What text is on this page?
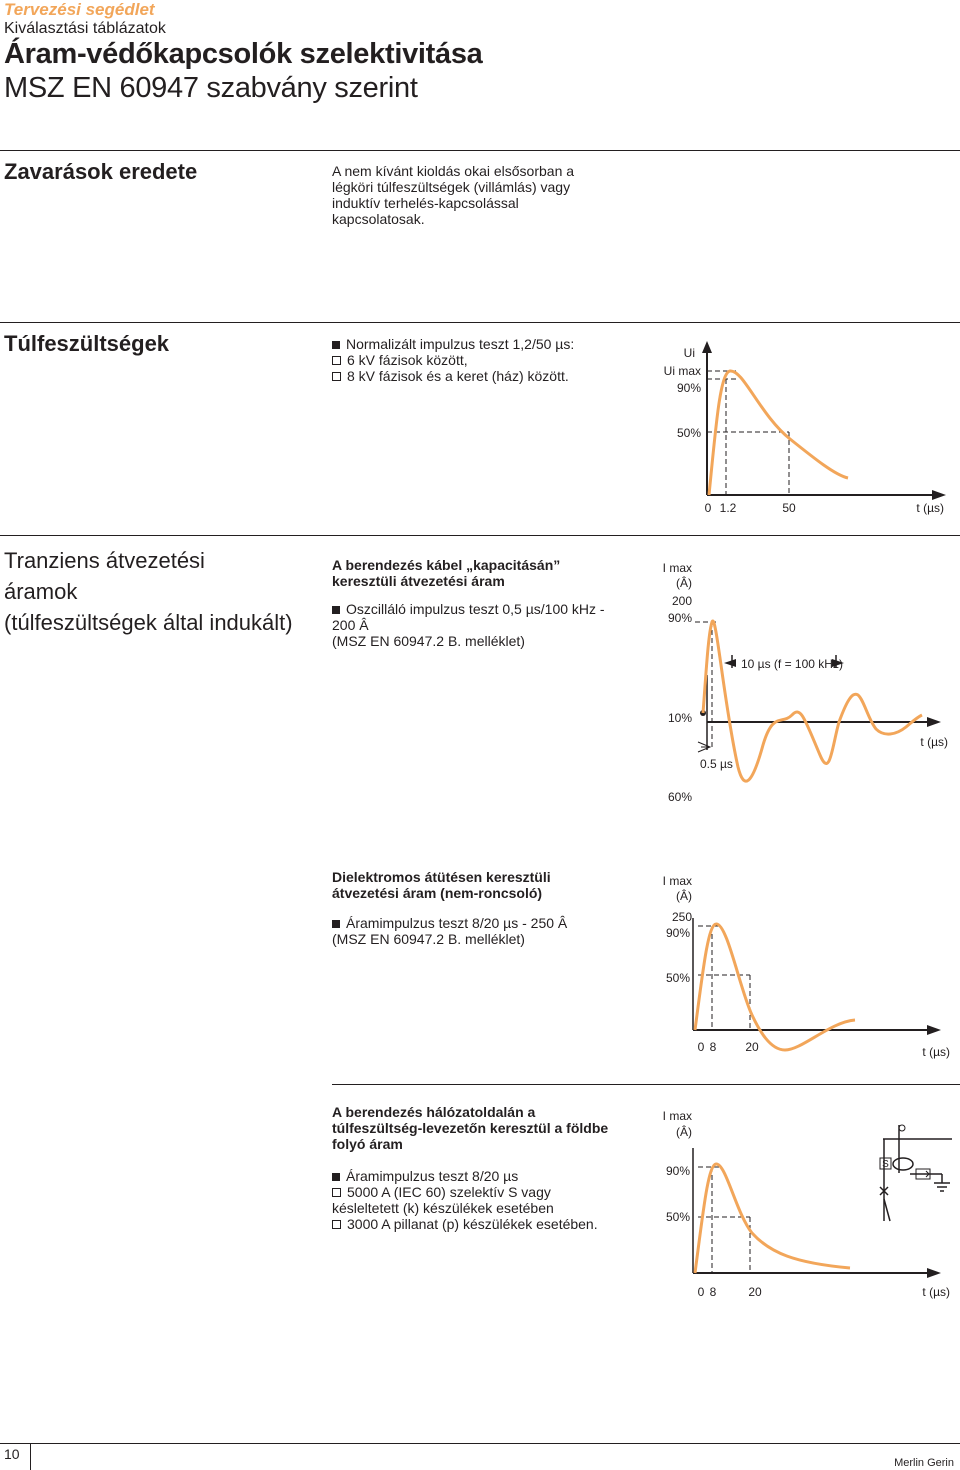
Tervezési segédlet
Kiválasztási táblázatok
Áram-védőkapcsolók szelektivitása
MSZ EN 60947 szabvány szerint
Zavarások eredete	A nem kívánt kioldás okai elsősorban a
légköri túlfeszültségek (villámlás) vagy
induktív terhelés-kapcsolással
kapcsolatosak.
Túlfeszültségek	Normalizált impulzus teszt 1,2/50 µs:
6 kV fázisok között,
8 kV fázisok és a keret (ház) között.
Ui
Ui max
90%
50%
0 1.2	50	t (µs)
Tranziens átvezetési
áramok
(túlfeszültségek által indukált)
A berendezés kábel „kapacitásán”
keresztüli átvezetési áram
Oszcilláló impulzus teszt 0,5 µs/100 kHz -
200 Â
(MSZ EN 60947.2 B. melléklet)
I max
(Â)
200
90%
10%
60%
10 µs (f = 100 kHz)
0.5 µs
t (µs)
Dielektromos átütésen keresztüli
átvezetési áram (nem-roncsoló)
Áramimpulzus teszt 8/20 µs - 250 Â
(MSZ EN 60947.2 B. melléklet)
I max
(Â)
250
90%
50%
0 8 20	t (µs)
A berendezés hálózatoldalán a
túlfeszültség-levezetőn keresztül a földbe
folyó áram
Áramimpulzus teszt 8/20 µs
5000 A (IEC 60) szelektív S vagy
késleltetett (k) készülékek esetében
3000 A pillanat (p) készülékek esetében.
S
I max
(Â)
90%
50%
0 8	20	t (µs)
10
Merlin Gerin
